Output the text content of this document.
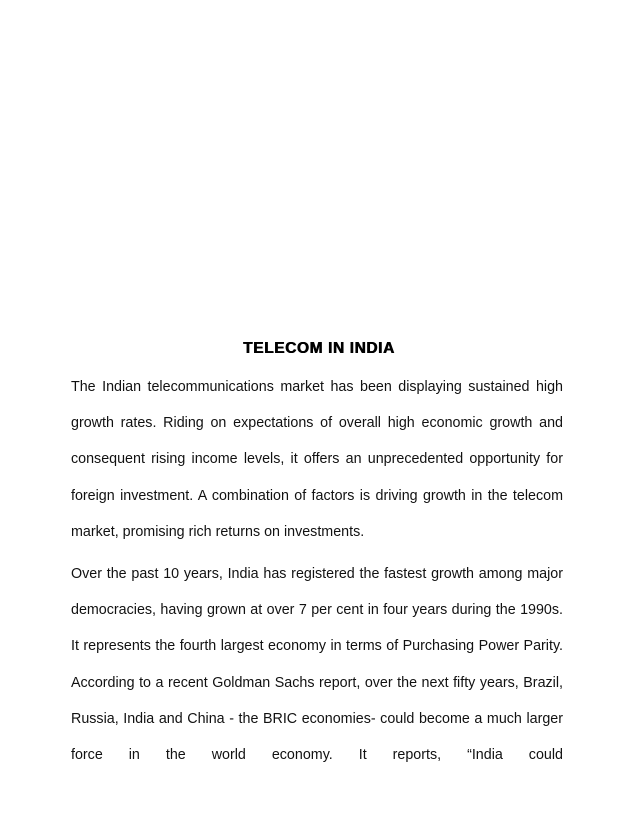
TELECOM IN INDIA

The Indian telecommunications market has been displaying sustained high growth rates. Riding on expectations of overall high economic growth and consequent rising income levels, it offers an unprecedented opportunity for foreign investment. A combination of factors is driving growth in the telecom market, promising rich returns on investments.

Over the past 10 years, India has registered the fastest growth among major democracies, having grown at over 7 per cent in four years during the 1990s. It represents the fourth largest economy in terms of Purchasing Power Parity. According to a recent Goldman Sachs report, over the next fifty years, Brazil, Russia, India and China - the BRIC economies- could become a much larger force in the world economy. It reports, “India could
